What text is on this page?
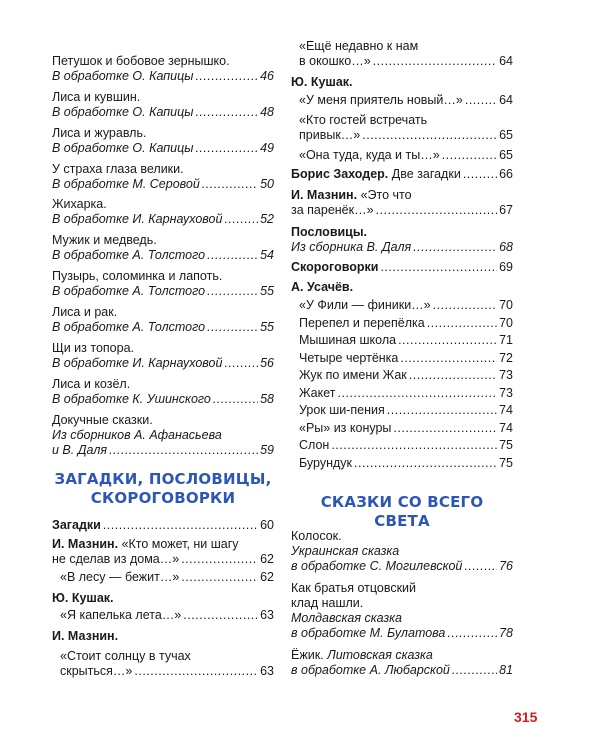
Петушок и бобовое зернышко.
В обработке О. Капицы .....	46
Лиса и кувшин.
В обработке О. Капицы .....	48
Лиса и журавль.
В обработке О. Капицы .....	49
У страха глаза велики.
В обработке М. Серовой .....	50
Жихарка.
В обработке И. Карнауховой .....	52
Мужик и медведь.
В обработке А. Толстого .....	54
Пузырь, соломинка и лапоть.
В обработке А. Толстого .....	55
Лиса и рак.
В обработке А. Толстого .....	55
Щи из топора.
В обработке И. Карнауховой .....	56
Лиса и козёл.
В обработке К. Ушинского .....	58
Докучные сказки.
Из сборников А. Афанасьева
и В. Даля .....	59
ЗАГАДКИ, ПОСЛОВИЦЫ,
СКОРОГОВОРКИ
Загадки .....	60
И. Мазнин.
«Кто может, ни шагу
не сделав из дома…» .....	62
«В лесу — бежит…» .....	62
Ю. Кушак.
«Я капелька лета…» .....	63
И. Мазнин.
«Стоит солнцу в тучах
скрыться…» .....	63
«Ещё недавно к нам
в окошко…» .....	64
Ю. Кушак.
«У меня приятель новый…» .....	64
«Кто гостей встречать
привык…» .....	65
«Она туда, куда и ты…» .....	65
Борис Заходер.
Две загадки .....	66
И. Мазнин.
«Это что
за паренёк…» .....	67
Пословицы.
Из сборника В. Даля .....	68
Скороговорки .....	69
А. Усачёв.
«У Фили — финики…» .....	70
Перепел и перепёлка .....	70
Мышиная школа .....	71
Четыре чертёнка .....	72
Жук по имени Жак .....	73
Жакет .....	73
Урок ши-пения .....	74
«Ры» из конуры .....	74
Слон .....	75
Бурундук .....	75
СКАЗКИ СО ВСЕГО СВЕТА
Колосок.
Украинская сказка
в обработке С. Могилевской .....	76
Как братья отцовский
клад нашли.
Молдавская сказка
в обработке М. Булатова .....	78
Ёжик.
Литовская сказка
в обработке А. Любарской .....	81
315
